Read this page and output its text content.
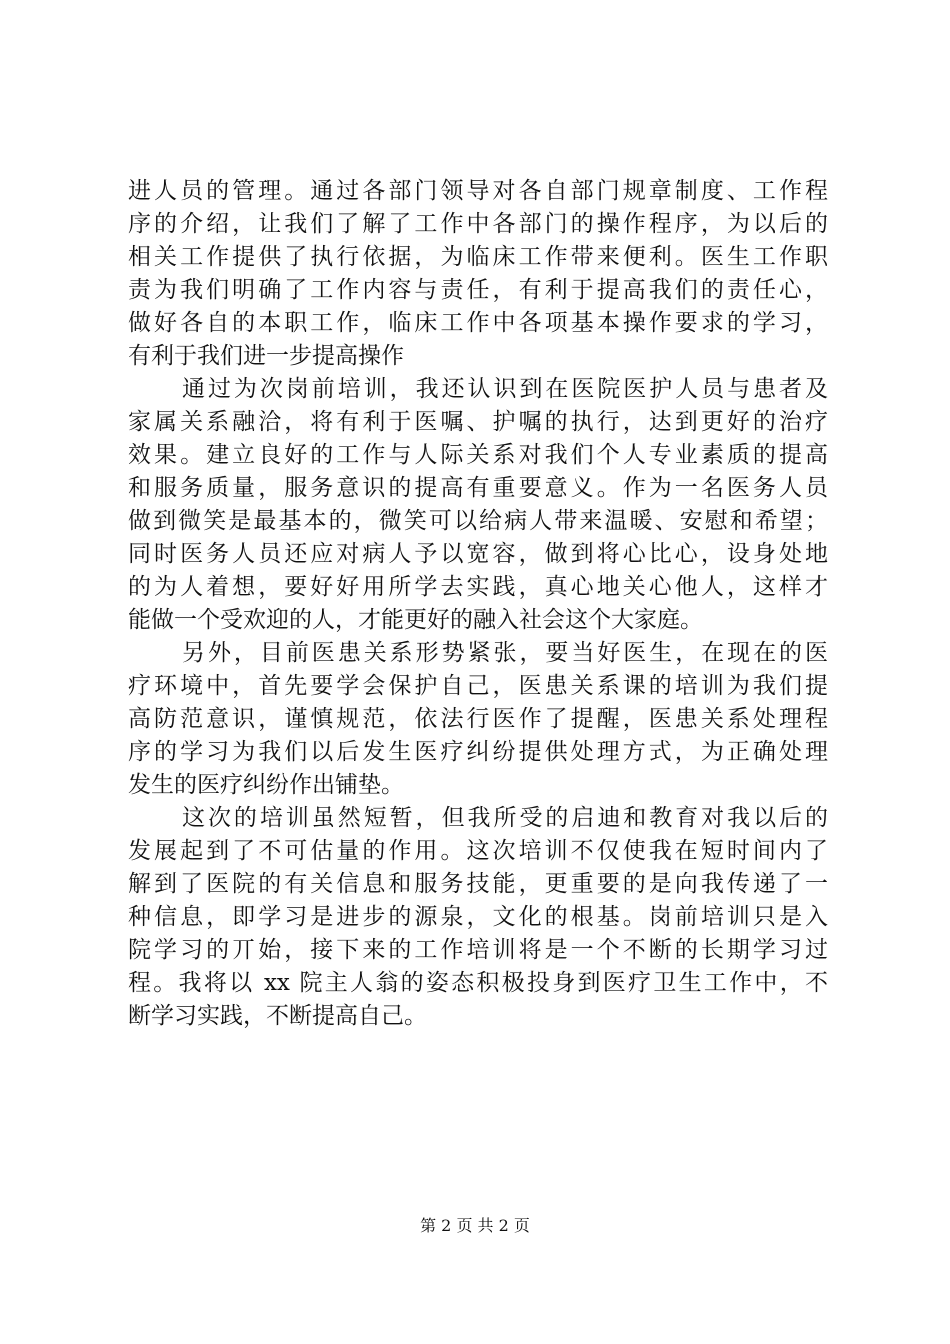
进人员的管理。通过各部门领导对各自部门规章制度、工作程
序的介绍，让我们了解了工作中各部门的操作程序，为以后的
相关工作提供了执行依据，为临床工作带来便利。医生工作职
责为我们明确了工作内容与责任，有利于提高我们的责任心，
做好各自的本职工作，临床工作中各项基本操作要求的学习，
有利于我们进一步提高操作
通过为次岗前培训，我还认识到在医院医护人员与患者及
家属关系融洽，将有利于医嘱、护嘱的执行，达到更好的治疗
效果。建立良好的工作与人际关系对我们个人专业素质的提高
和服务质量，服务意识的提高有重要意义。作为一名医务人员
做到微笑是最基本的，微笑可以给病人带来温暖、安慰和希望；
同时医务人员还应对病人予以宽容，做到将心比心，设身处地
的为人着想，要好好用所学去实践，真心地关心他人，这样才
能做一个受欢迎的人，才能更好的融入社会这个大家庭。
另外，目前医患关系形势紧张，要当好医生，在现在的医
疗环境中，首先要学会保护自己，医患关系课的培训为我们提
高防范意识，谨慎规范，依法行医作了提醒，医患关系处理程
序的学习为我们以后发生医疗纠纷提供处理方式，为正确处理
发生的医疗纠纷作出铺垫。
这次的培训虽然短暂，但我所受的启迪和教育对我以后的
发展起到了不可估量的作用。这次培训不仅使我在短时间内了
解到了医院的有关信息和服务技能，更重要的是向我传递了一
种信息，即学习是进步的源泉，文化的根基。岗前培训只是入
院学习的丌始，接下来的工作培训将是一个不断的长期学习过
程。我将以 xx 院主人翁的姿态积极投身到医疗卫生工作中，不
断学习实践，不断提高自己。
第 2 页 共 2 页
